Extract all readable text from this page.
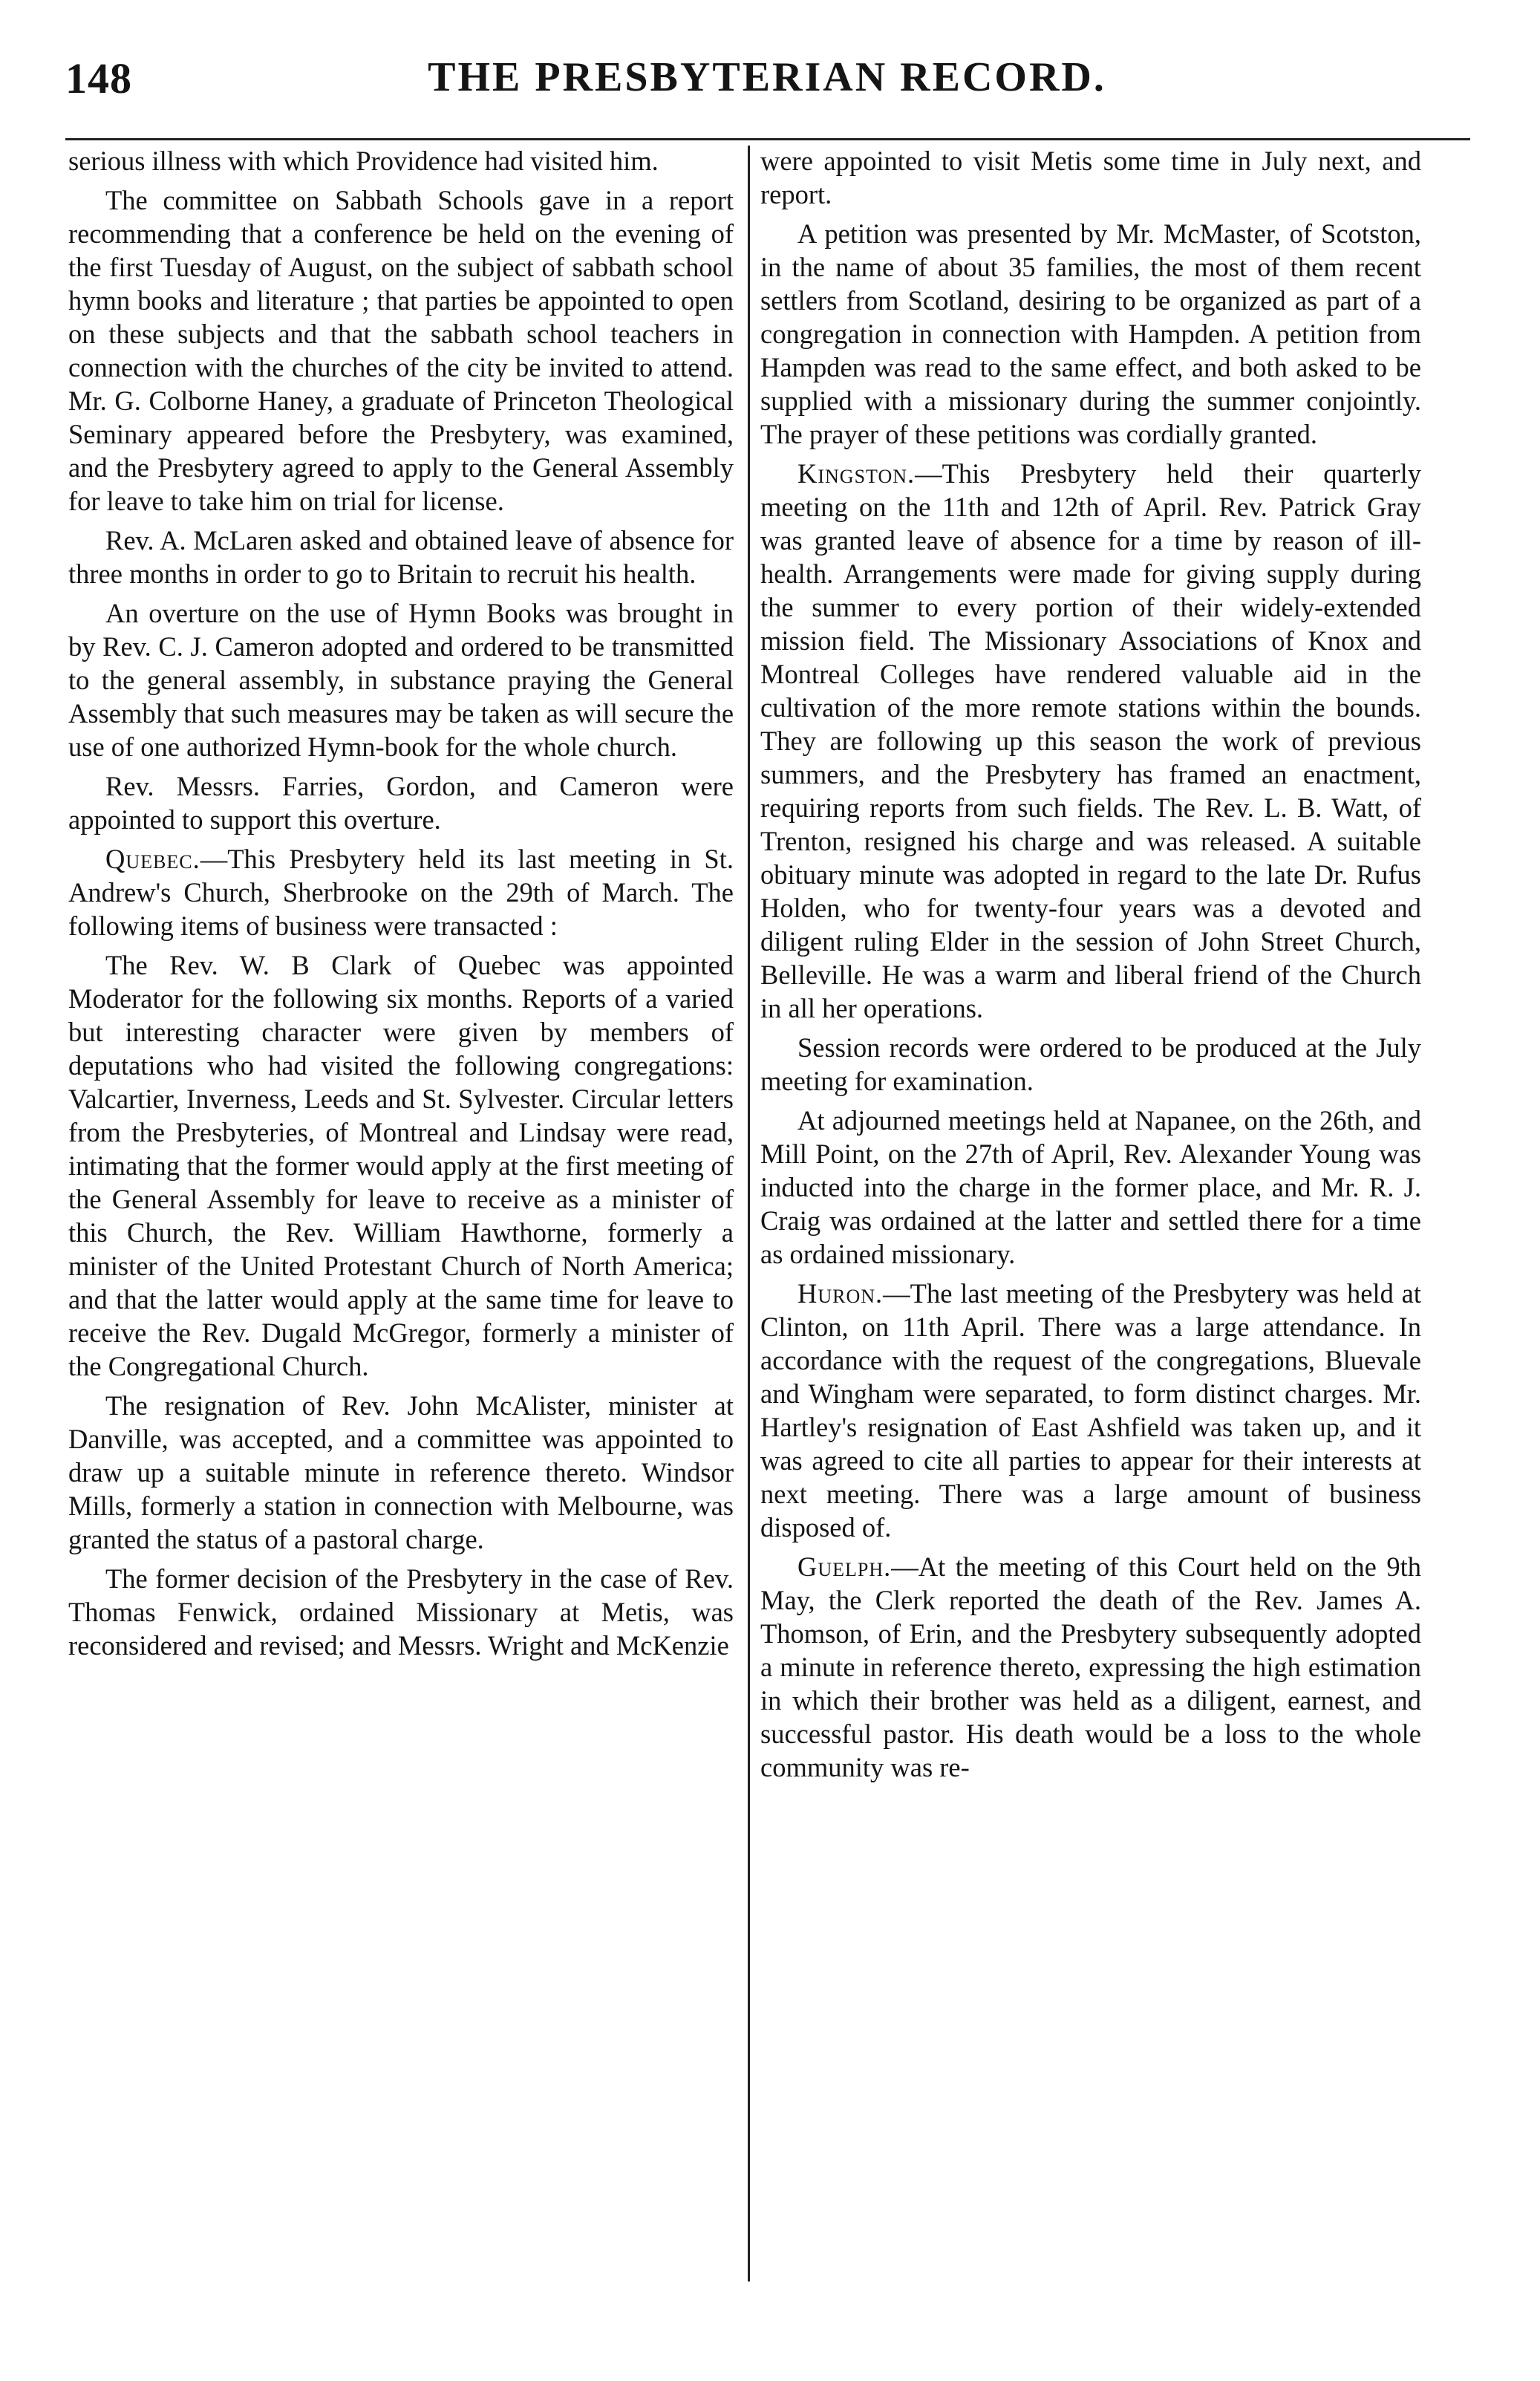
148	THE PRESBYTERIAN RECORD.

serious illness with which Providence had visited him.

The committee on Sabbath Schools gave in a report recommending that a conference be held on the evening of the first Tuesday of August, on the subject of sabbath school hymn books and literature ; that parties be appointed to open on these subjects and that the sabbath school teachers in connection with the churches of the city be invited to attend. Mr. G. Colborne Haney, a graduate of Princeton Theological Seminary appeared before the Presbytery, was examined, and the Presbytery agreed to apply to the General Assembly for leave to take him on trial for license.

Rev. A. McLaren asked and obtained leave of absence for three months in order to go to Britain to recruit his health.

An overture on the use of Hymn Books was brought in by Rev. C. J. Cameron adopted and ordered to be transmitted to the general assembly, in substance praying the General Assembly that such measures may be taken as will secure the use of one authorized Hymn-book for the whole church.

Rev. Messrs. Farries, Gordon, and Cameron were appointed to support this overture.

Quebec.—This Presbytery held its last meeting in St. Andrew's Church, Sherbrooke on the 29th of March. The following items of business were transacted :

The Rev. W. B Clark of Quebec was appointed Moderator for the following six months. Reports of a varied but interesting character were given by members of deputations who had visited the following congregations: Valcartier, Inverness, Leeds and St. Sylvester. Circular letters from the Presbyteries, of Montreal and Lindsay were read, intimating that the former would apply at the first meeting of the General Assembly for leave to receive as a minister of this Church, the Rev. William Hawthorne, formerly a minister of the United Protestant Church of North America; and that the latter would apply at the same time for leave to receive the Rev. Dugald McGregor, formerly a minister of the Congregational Church.

The resignation of Rev. John McAlister, minister at Danville, was accepted, and a committee was appointed to draw up a suitable minute in reference thereto. Windsor Mills, formerly a station in connection with Melbourne, was granted the status of a pastoral charge.

The former decision of the Presbytery in the case of Rev. Thomas Fenwick, ordained Missionary at Metis, was reconsidered and revised; and Messrs. Wright and McKenzie

were appointed to visit Metis some time in July next, and report.

A petition was presented by Mr. McMaster, of Scotston, in the name of about 35 families, the most of them recent settlers from Scotland, desiring to be organized as part of a congregation in connection with Hampden. A petition from Hampden was read to the same effect, and both asked to be supplied with a missionary during the summer conjointly. The prayer of these petitions was cordially granted.

Kingston.—This Presbytery held their quarterly meeting on the 11th and 12th of April. Rev. Patrick Gray was granted leave of absence for a time by reason of ill-health. Arrangements were made for giving supply during the summer to every portion of their widely-extended mission field. The Missionary Associations of Knox and Montreal Colleges have rendered valuable aid in the cultivation of the more remote stations within the bounds. They are following up this season the work of previous summers, and the Presbytery has framed an enactment, requiring reports from such fields. The Rev. L. B. Watt, of Trenton, resigned his charge and was released. A suitable obituary minute was adopted in regard to the late Dr. Rufus Holden, who for twenty-four years was a devoted and diligent ruling Elder in the session of John Street Church, Belleville. He was a warm and liberal friend of the Church in all her operations.

Session records were ordered to be produced at the July meeting for examination.

At adjourned meetings held at Napanee, on the 26th, and Mill Point, on the 27th of April, Rev. Alexander Young was inducted into the charge in the former place, and Mr. R. J. Craig was ordained at the latter and settled there for a time as ordained missionary.

Huron.—The last meeting of the Presbytery was held at Clinton, on 11th April. There was a large attendance. In accordance with the request of the congregations, Bluevale and Wingham were separated, to form distinct charges. Mr. Hartley's resignation of East Ashfield was taken up, and it was agreed to cite all parties to appear for their interests at next meeting. There was a large amount of business disposed of.

Guelph.—At the meeting of this Court held on the 9th May, the Clerk reported the death of the Rev. James A. Thomson, of Erin, and the Presbytery subsequently adopted a minute in reference thereto, expressing the high estimation in which their brother was held as a diligent, earnest, and successful pastor. His death would be a loss to the whole community was re-
